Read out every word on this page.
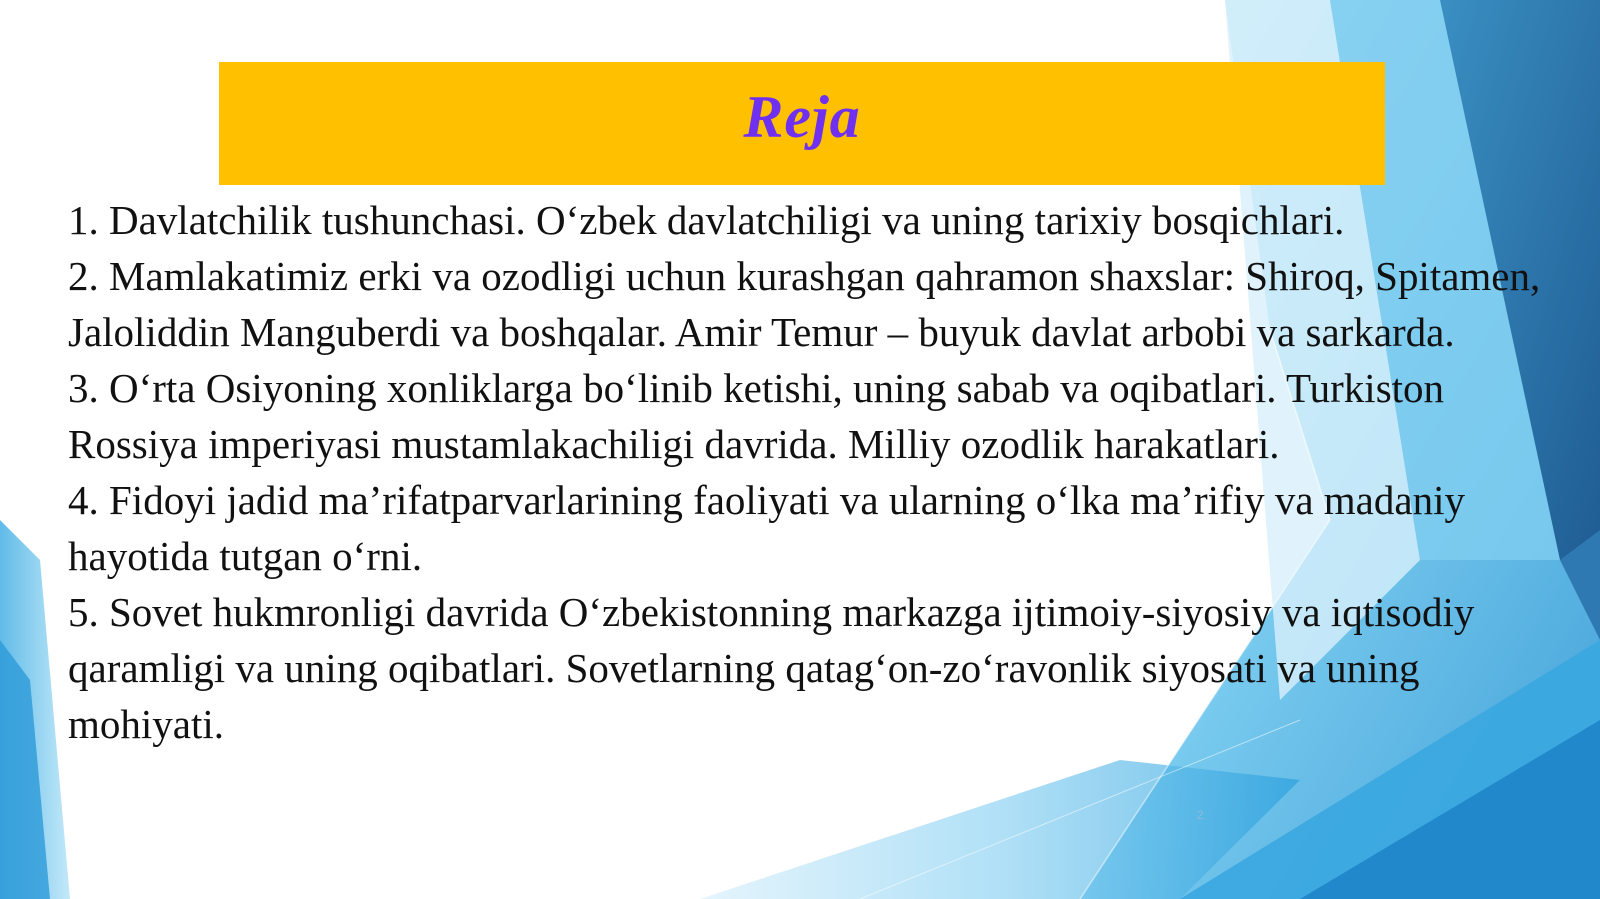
Reja

1. Davlatchilik tushunchasi. O‘zbek davlatchiligi va uning tarixiy bosqichlari.

2. Mamlakatimiz erki va ozodligi uchun kurashgan qahramon shaxslar: Shiroq, Spitamen, Jaloliddin Manguberdi va boshqalar. Amir Temur – buyuk davlat arbobi va sarkarda.

3. O‘rta Osiyoning xonliklarga bo‘linib ketishi, uning sabab va oqibatlari. Turkiston Rossiya imperiyasi mustamlakachiligi davrida. Milliy ozodlik harakatlari.

4. Fidoyi jadid ma’rifatparvarlarining faoliyati va ularning o‘lka ma’rifiy va madaniy hayotida tutgan o‘rni.

5. Sovet hukmronligi davrida O‘zbekistonning markazga ijtimoiy-siyosiy va iqtisodiy qaramligi va uning oqibatlari. Sovetlarning qatag‘on-zo‘ravonlik siyosati va uning mohiyati.

2
